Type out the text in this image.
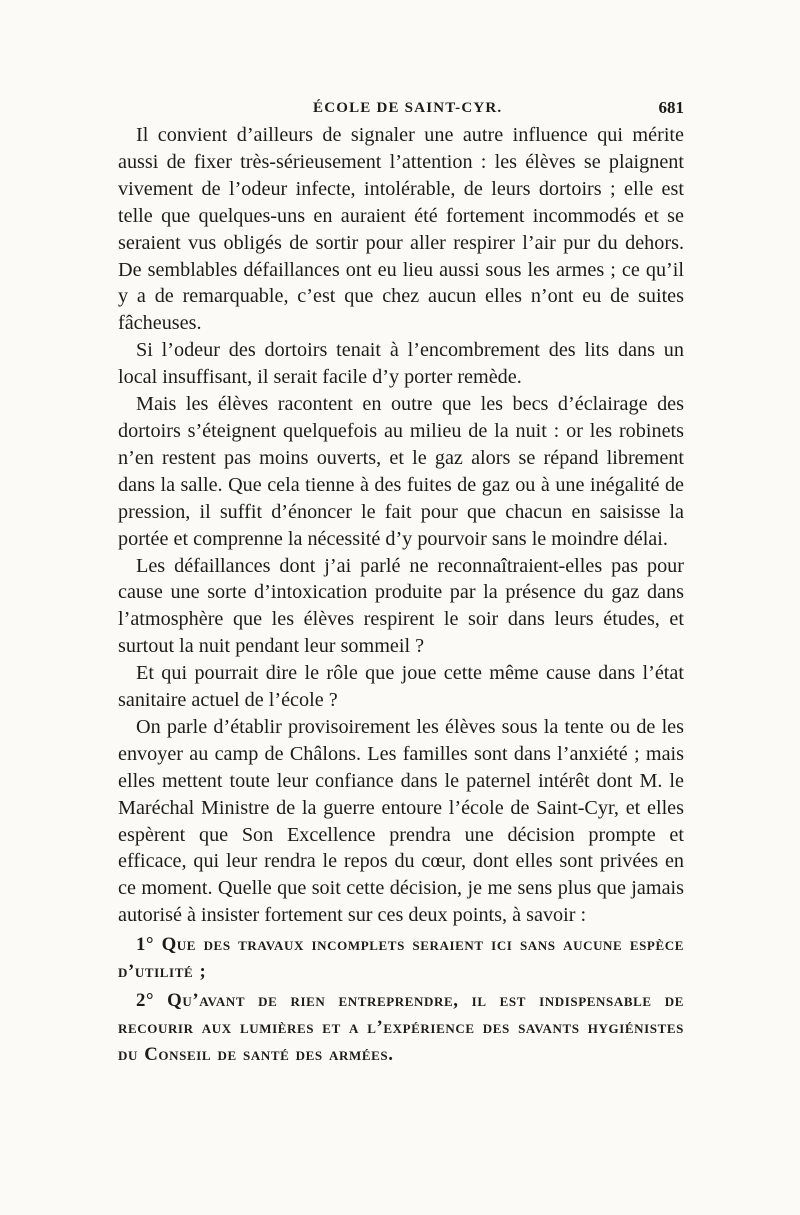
ÉCOLE DE SAINT-CYR.	681

Il convient d’ailleurs de signaler une autre influence qui mérite aussi de fixer très-sérieusement l’attention : les élèves se plaignent vivement de l’odeur infecte, intolérable, de leurs dortoirs ; elle est telle que quelques-uns en auraient été fortement incommodés et se seraient vus obligés de sortir pour aller respirer l’air pur du dehors. De semblables défaillances ont eu lieu aussi sous les armes ; ce qu’il y a de remarquable, c’est que chez aucun elles n’ont eu de suites fâcheuses.

Si l’odeur des dortoirs tenait à l’encombrement des lits dans un local insuffisant, il serait facile d’y porter remède.

Mais les élèves racontent en outre que les becs d’éclairage des dortoirs s’éteignent quelquefois au milieu de la nuit : or les robinets n’en restent pas moins ouverts, et le gaz alors se répand librement dans la salle. Que cela tienne à des fuites de gaz ou à une inégalité de pression, il suffit d’énoncer le fait pour que chacun en saisisse la portée et comprenne la nécessité d’y pourvoir sans le moindre délai.

Les défaillances dont j’ai parlé ne reconnaîtraient-elles pas pour cause une sorte d’intoxication produite par la présence du gaz dans l’atmosphère que les élèves respirent le soir dans leurs études, et surtout la nuit pendant leur sommeil ?

Et qui pourrait dire le rôle que joue cette même cause dans l’état sanitaire actuel de l’école ?

On parle d’établir provisoirement les élèves sous la tente ou de les envoyer au camp de Châlons. Les familles sont dans l’anxiété ; mais elles mettent toute leur confiance dans le paternel intérêt dont M. le Maréchal Ministre de la guerre entoure l’école de Saint-Cyr, et elles espèrent que Son Excellence prendra une décision prompte et efficace, qui leur rendra le repos du cœur, dont elles sont privées en ce moment. Quelle que soit cette décision, je me sens plus que jamais autorisé à insister fortement sur ces deux points, à savoir :

1° Que des travaux incomplets seraient ici sans aucune espèce d’utilité ;

2° Qu’avant de rien entreprendre, il est indispensable de recourir aux lumières et a l’expérience des savants hygiénistes du Conseil de santé des armées.
